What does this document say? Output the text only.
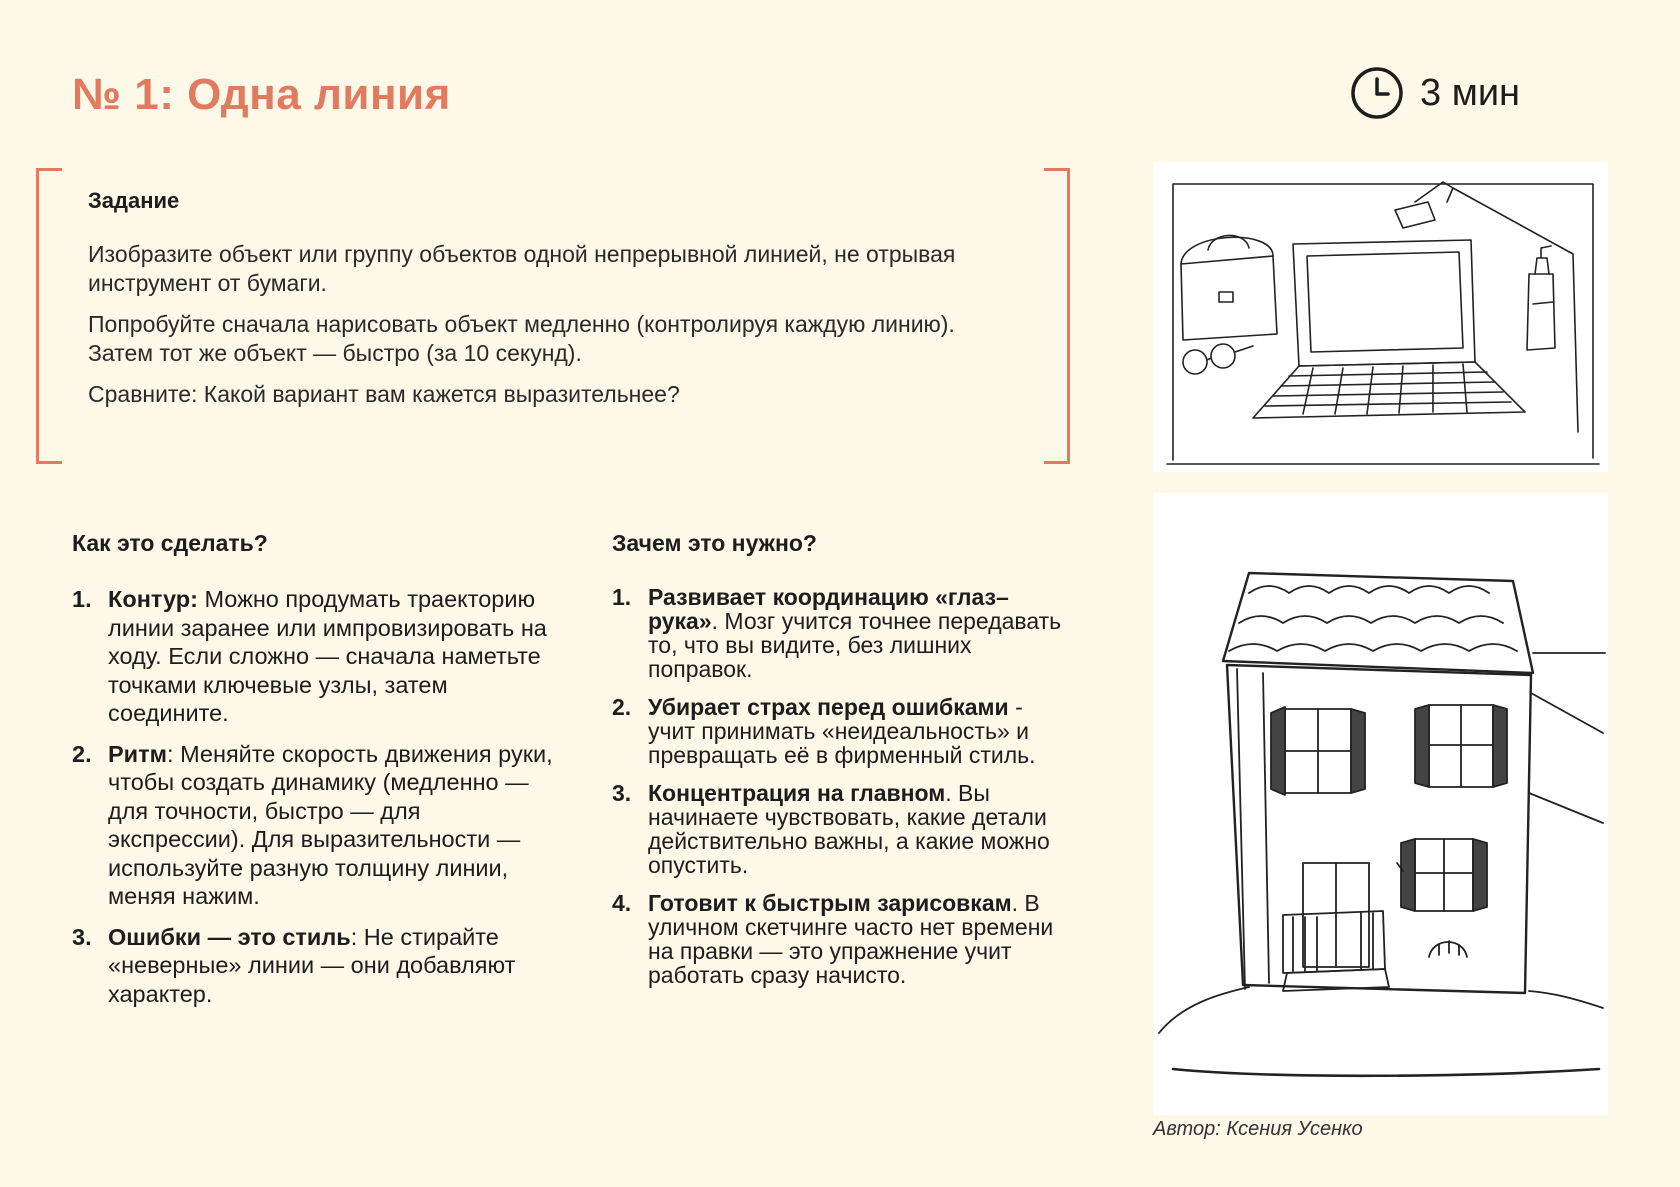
№ 1: Одна линия	3 мин
Задание

Изобразите объект или группу объектов одной непрерывной линией, не отрывая инструмент от бумаги.

Попробуйте сначала нарисовать объект медленно (контролируя каждую линию). Затем тот же объект — быстро (за 10 секунд).

Сравните: Какой вариант вам кажется выразительнее?

Как это сделать?
1. Контур: Можно продумать траекторию линии заранее или импровизировать на ходу. Если сложно — сначала наметьте точками ключевые узлы, затем соедините.
2. Ритм: Меняйте скорость движения руки, чтобы создать динамику (медленно — для точности, быстро — для экспрессии). Для выразительности — используйте разную толщину линии, меняя нажим.
3. Ошибки — это стиль: Не стирайте «неверные» линии — они добавляют характер.
Зачем это нужно?
1. Развивает координацию «глаз–рука». Мозг учится точнее передавать то, что вы видите, без лишних поправок.
2. Убирает страх перед ошибками - учит принимать «неидеальность» и превращать её в фирменный стиль.
3. Концентрация на главном. Вы начинаете чувствовать, какие детали действительно важны, а какие можно опустить.
4. Готовит к быстрым зарисовкам. В уличном скетчинге часто нет времени на правки — это упражнение учит работать сразу начисто.

Автор: Ксения Усенко
